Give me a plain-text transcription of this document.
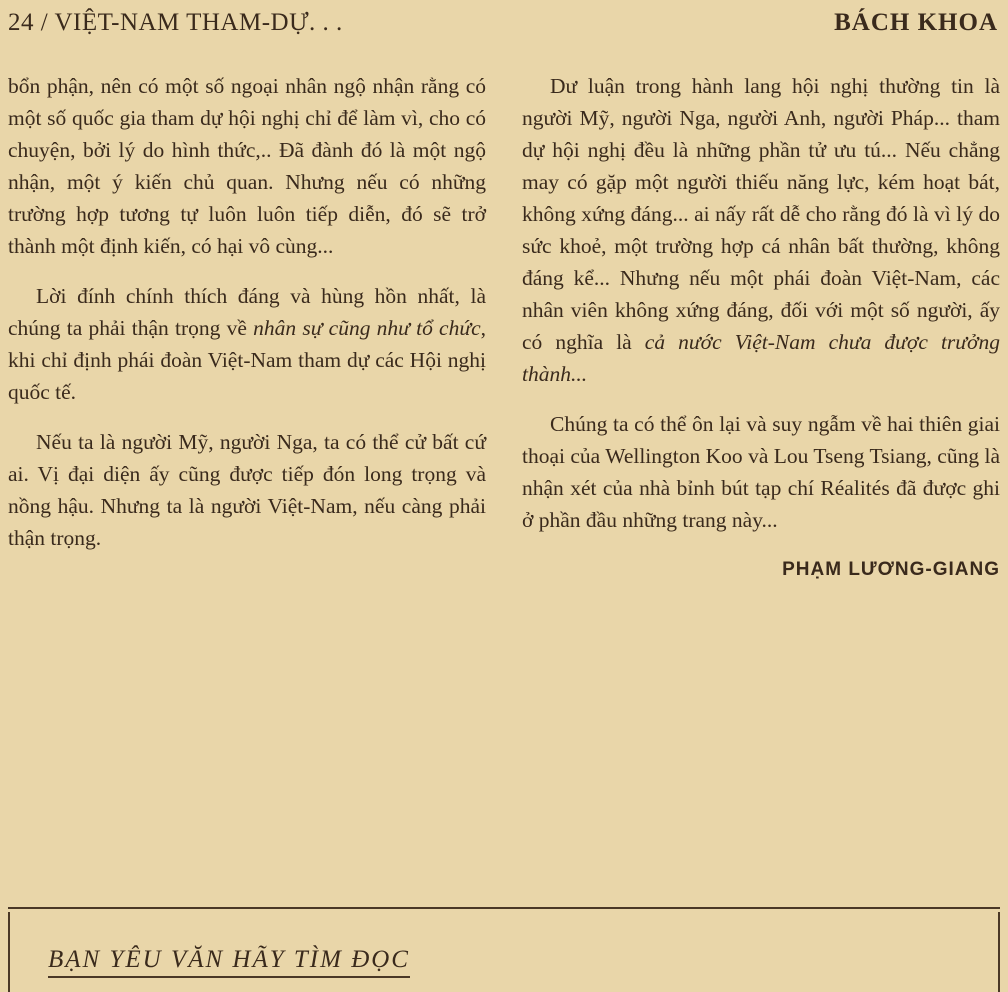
24 / VIỆT-NAM THAM-DỰ. . .	BÁCH KHOA

bổn phận, nên có một số ngoại nhân ngộ nhận rằng có một số quốc gia tham dự hội nghị chỉ để làm vì, cho có chuyện, bởi lý do hình thức,.. Đã đành đó là một ngộ nhận, một ý kiến chủ quan. Nhưng nếu có những trường hợp tương tự luôn luôn tiếp diễn, đó sẽ trở thành một định kiến, có hại vô cùng...

Lời đính chính thích đáng và hùng hồn nhất, là chúng ta phải thận trọng về nhân sự cũng như tổ chức, khi chỉ định phái đoàn Việt-Nam tham dự các Hội nghị quốc tế.

Nếu ta là người Mỹ, người Nga, ta có thể cử bất cứ ai. Vị đại diện ấy cũng được tiếp đón long trọng và nồng hậu. Nhưng ta là người Việt-Nam, nếu càng phải thận trọng.

Dư luận trong hành lang hội nghị thường tin là người Mỹ, người Nga, người Anh, người Pháp... tham dự hội nghị đều là những phần tử ưu tú... Nếu chẳng may có gặp một người thiếu năng lực, kém hoạt bát, không xứng đáng... ai nấy rất dễ cho rằng đó là vì lý do sức khoẻ, một trường hợp cá nhân bất thường, không đáng kể... Nhưng nếu một phái đoàn Việt-Nam, các nhân viên không xứng đáng, đối với một số người, ấy có nghĩa là cả nước Việt-Nam chưa được trưởng thành...

Chúng ta có thể ôn lại và suy ngẫm về hai thiên giai thoại của Wellington Koo và Lou Tseng Tsiang, cũng là nhận xét của nhà bỉnh bút tạp chí Réalités đã được ghi ở phần đầu những trang này...

PHẠM LƯƠNG-GIANG
BẠN YÊU VĂN HÃY TÌM ĐỌC
